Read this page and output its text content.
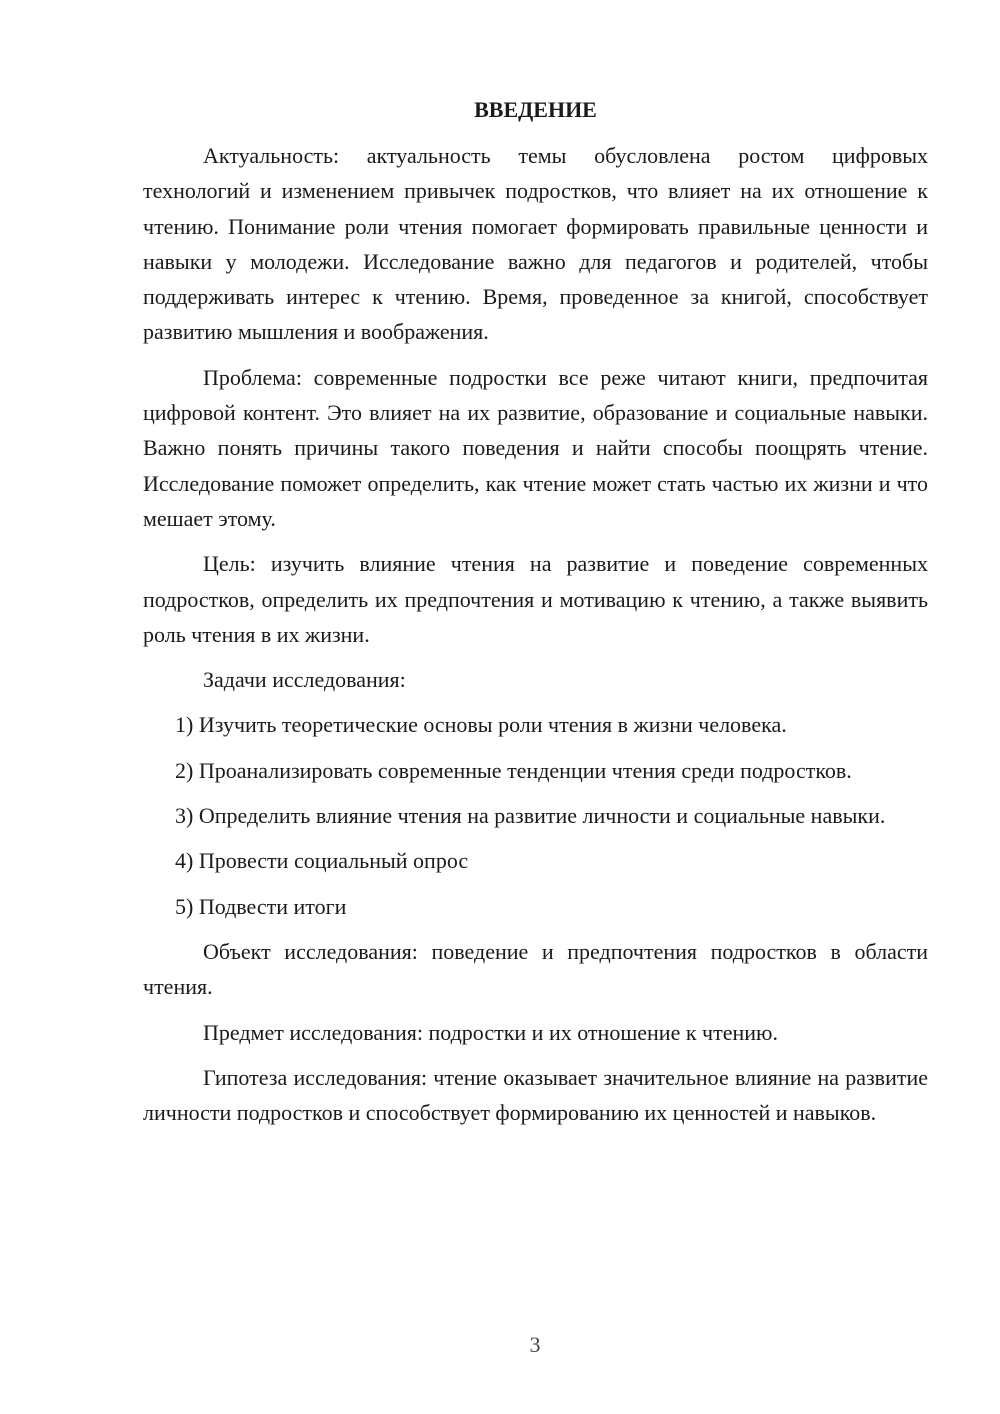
ВВЕДЕНИЕ

Актуальность: актуальность темы обусловлена ростом цифровых технологий и изменением привычек подростков, что влияет на их отношение к чтению. Понимание роли чтения помогает формировать правильные ценности и навыки у молодежи. Исследование важно для педагогов и родителей, чтобы поддерживать интерес к чтению. Время, проведенное за книгой, способствует развитию мышления и воображения.

Проблема: современные подростки все реже читают книги, предпочитая цифровой контент. Это влияет на их развитие, образование и социальные навыки. Важно понять причины такого поведения и найти способы поощрять чтение. Исследование поможет определить, как чтение может стать частью их жизни и что мешает этому.

Цель: изучить влияние чтения на развитие и поведение современных подростков, определить их предпочтения и мотивацию к чтению, а также выявить роль чтения в их жизни.

Задачи исследования:

1) Изучить теоретические основы роли чтения в жизни человека.

2) Проанализировать современные тенденции чтения среди подростков.

3) Определить влияние чтения на развитие личности и социальные навыки.

4) Провести социальный опрос

5) Подвести итоги

Объект исследования: поведение и предпочтения подростков в области чтения.

Предмет исследования: подростки и их отношение к чтению.

Гипотеза исследования: чтение оказывает значительное влияние на развитие личности подростков и способствует формированию их ценностей и навыков.

3
